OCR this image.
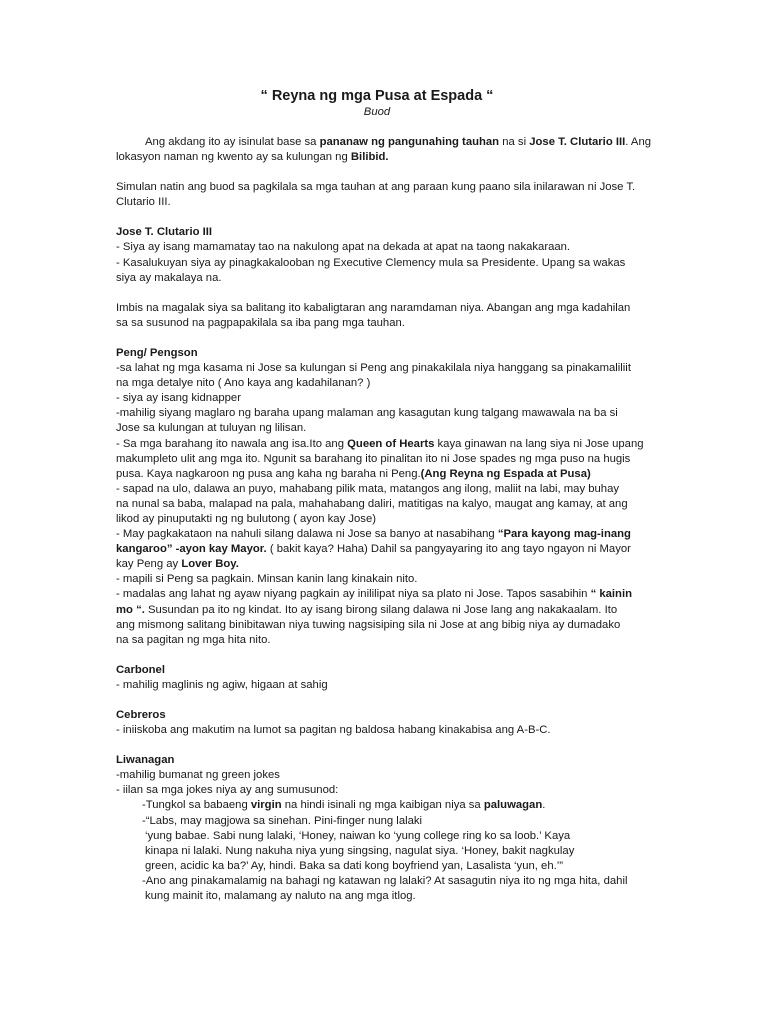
“ Reyna ng mga Pusa at Espada “

Buod

Ang akdang ito ay isinulat base sa pananaw ng pangunahing tauhan na si Jose T. Clutario III. Ang lokasyon naman ng kwento ay sa kulungan ng Bilibid.

Simulan natin ang buod sa pagkilala sa mga tauhan at ang paraan kung paano sila inilarawan ni Jose T. Clutario III.

Jose T. Clutario III

- Siya ay isang mamamatay tao na nakulong apat na dekada at apat na taong nakakaraan.

- Kasalukuyan siya ay pinagkakalooban ng Executive Clemency mula sa Presidente. Upang sa wakas

siya ay makalaya na.

Imbis na magalak siya sa balitang ito kabaligtaran ang naramdaman niya. Abangan ang mga kadahilan

sa sa susunod na pagpapakilala sa iba pang mga tauhan.

Peng/ Pengson

-sa lahat ng mga kasama ni Jose sa kulungan si Peng ang pinakakilala niya hanggang sa pinakamaliliit

na mga detalye nito ( Ano kaya ang kadahilanan? )

- siya ay isang kidnapper

-mahilig siyang maglaro ng baraha upang malaman ang kasagutan kung talgang mawawala na ba si

Jose sa kulungan at tuluyan ng lilisan.

- Sa mga barahang ito nawala ang isa.Ito ang Queen of Hearts kaya ginawan na lang siya ni Jose upang

makumpleto ulit ang mga ito. Ngunit sa barahang ito pinalitan ito ni Jose spades ng mga puso na hugis

pusa. Kaya nagkaroon ng pusa ang kaha ng baraha ni Peng.(Ang Reyna ng Espada at Pusa)

- sapad na ulo, dalawa an puyo, mahabang pilik mata, matangos ang ilong, maliit na labi, may buhay

na nunal sa baba, malapad na pala, mahahabang daliri, matitigas na kalyo, maugat ang kamay, at ang

likod ay pinuputakti ng ng bulutong ( ayon kay Jose)

- May pagkakataon na nahuli silang dalawa ni Jose sa banyo at nasabihang “Para kayong mag-inang

kangaroo” -ayon kay Mayor. ( bakit kaya? Haha) Dahil sa pangyayaring ito ang tayo ngayon ni Mayor

kay Peng ay Lover Boy.

- mapili si Peng sa pagkain. Minsan kanin lang kinakain nito.

- madalas ang lahat ng ayaw niyang pagkain ay inililipat niya sa plato ni Jose. Tapos sasabihin “ kainin

mo “. Susundan pa ito ng kindat. Ito ay isang birong silang dalawa ni Jose lang ang nakakaalam. Ito

ang mismong salitang binibitawan niya tuwing nagsisiping sila ni Jose at ang bibig niya ay dumadako

na sa pagitan ng mga hita nito.

Carbonel

- mahilig maglinis ng agiw, higaan at sahig

Cebreros

- iniiskoba ang makutim na lumot sa pagitan ng baldosa habang kinakabisa ang A-B-C.

Liwanagan

-mahilig bumanat ng green jokes

- iilan sa mga jokes niya ay ang sumusunod:

-Tungkol sa babaeng virgin na hindi isinali ng mga kaibigan niya sa paluwagan.

-“Labs, may magjowa sa sinehan. Pini-finger nung lalaki

‘yung babae. Sabi nung lalaki, ‘Honey, naiwan ko ‘yung college ring ko sa loob.’ Kaya

kinapa ni lalaki. Nung nakuha niya yung singsing, nagulat siya. ‘Honey, bakit nagkulay

green, acidic ka ba?’ Ay, hindi. Baka sa dati kong boyfriend yan, Lasalista ‘yun, eh.’”

-Ano ang pinakamalamig na bahagi ng katawan ng lalaki? At sasagutin niya ito ng mga hita, dahil

kung mainit ito, malamang ay naluto na ang mga itlog.
